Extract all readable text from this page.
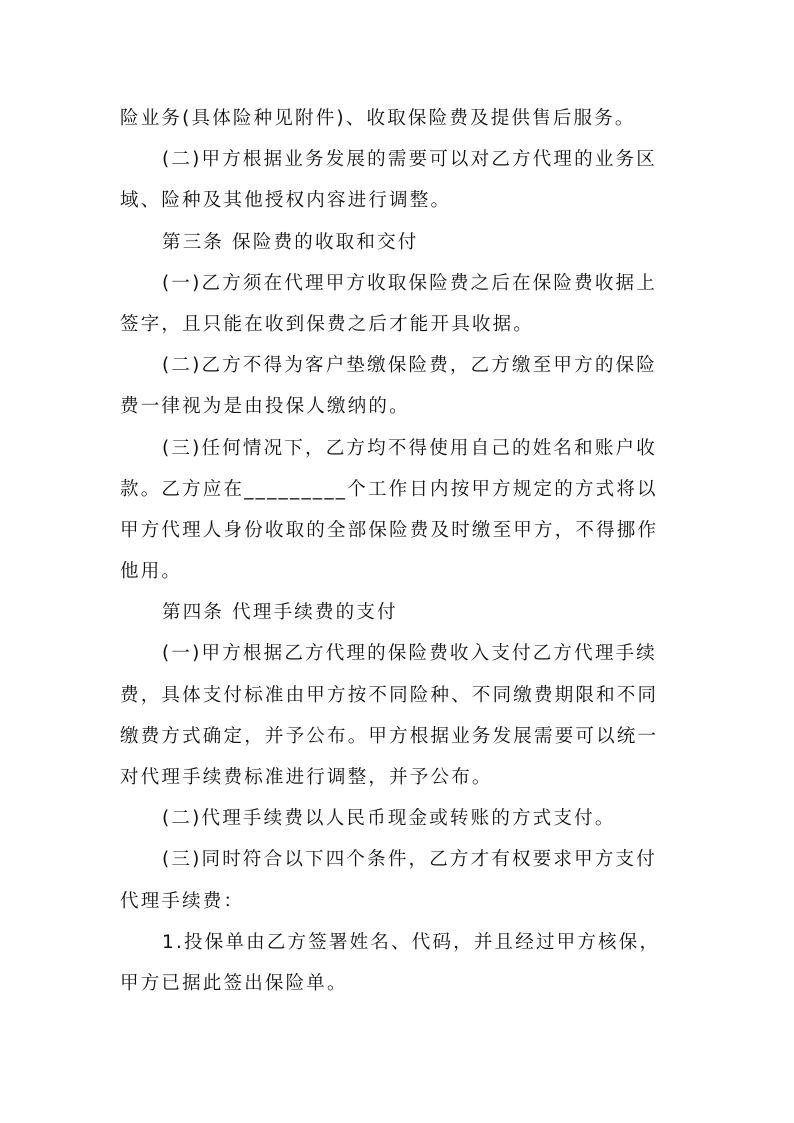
险业务(具体险种见附件)、收取保险费及提供售后服务。
(二)甲方根据业务发展的需要可以对乙方代理的业务区
域、险种及其他授权内容进行调整。
第三条 保险费的收取和交付
(一)乙方须在代理甲方收取保险费之后在保险费收据上
签字，且只能在收到保费之后才能开具收据。
(二)乙方不得为客户垫缴保险费，乙方缴至甲方的保险
费一律视为是由投保人缴纳的。
(三)任何情况下，乙方均不得使用自己的姓名和账户收
款。乙方应在_________个工作日内按甲方规定的方式将以
甲方代理人身份收取的全部保险费及时缴至甲方，不得挪作
他用。
第四条 代理手续费的支付
(一)甲方根据乙方代理的保险费收入支付乙方代理手续
费，具体支付标准由甲方按不同险种、不同缴费期限和不同
缴费方式确定，并予公布。甲方根据业务发展需要可以统一
对代理手续费标准进行调整，并予公布。
(二)代理手续费以人民币现金或转账的方式支付。
(三)同时符合以下四个条件，乙方才有权要求甲方支付
代理手续费：
1.投保单由乙方签署姓名、代码，并且经过甲方核保，
甲方已据此签出保险单。
